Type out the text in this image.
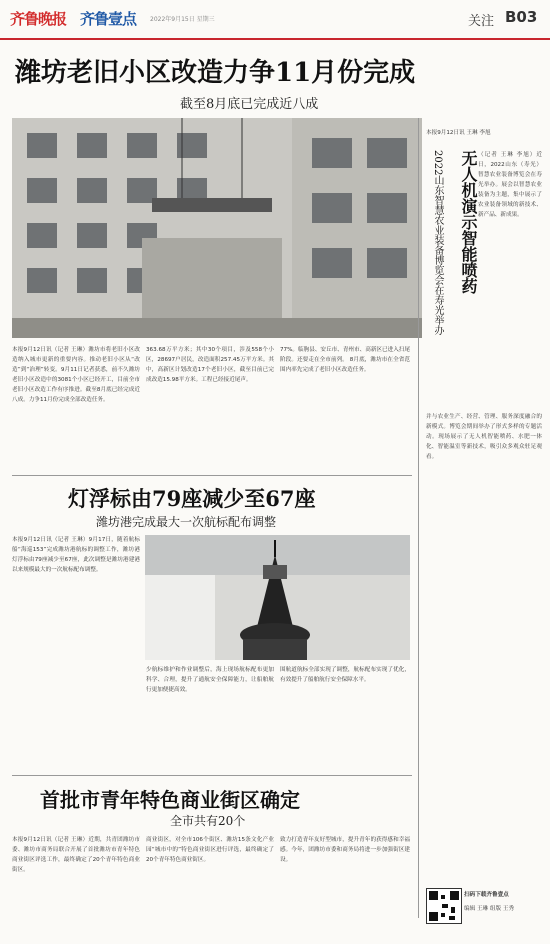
齐鲁晚报 齐鲁壹点 2022年9月15日 星期三	关注 B03
潍坊老旧小区改造力争11月份完成
截至8月底已完成近八成
本报9月12日讯（记者 王琳）潍坊市将老旧小区改造纳入城市更新的重要内容。推动老旧小区从“改造”到“治理”转变。9月11日记者获悉，前不久潍坊老旧小区改造中的3081个小区已经开工，目前全市老旧小区改造工作有序推进。截至8月底已经完成近八成。力争11月份完成全部改造任务。
363.68万平方米；其中30个项目，涉及558个小区，28697户居民，改造面积257.45万平方米。其中，高新区计划改造17个老旧小区，截至目前已完成改造15.98平方米。工程已经接近尾声。
77%。临朐县、安丘市、青州市、高新区已进入扫尾阶段。还要走在全市前列。 8月底，潍坊市在全省范围内率先完成了老旧小区改造任务。
本报9月12日讯 王琳 李旭
无人机演示智能喷药
2022山东智慧农业装备博览会在寿光举办	（记者 王琳 李旭）近日，2022山东（寿光）智慧农业装备博览会在寿光举办。展会以智慧农业装备为主题，集中展示了农业装备领域的新技术、新产品、新成果。
并与农业生产、经营、管理、服务深度融合的新模式。博览会期间举办了形式多样的专题活动。现场展示了无人机智能喷药、水肥一体化、智能温室等新技术，吸引众多观众驻足观看。
灯浮标由79座减少至67座
潍坊港完成最大一次航标配布调整
本报9月12日讯（记者 王琳）9月17日，随着航标船“海巡153”完成潍坊港航标的调整工作，潍坊港灯浮标由79座减少至67座，此次调整是潍坊港建港以来规模最大的一次航标配布调整。
少航标维护和作业调整后，海上现场航标配布更加科学、合理，提升了通航安全保障能力，让船舶航行更加便捷高效。
围航道航标全部实现了调整，航标配布实现了优化，有效提升了船舶航行安全保障水平。
首批市青年特色商业街区确定
全市共有20个
本报9月12日讯（记者 王琳）近期，共青团潍坊市委、潍坊市商务局联合开展了首批潍坊市青年特色商业街区评选工作，最终确定了20个青年特色商业街区。
商业街区，对全市106个街区、潍坊15条文化产业园“城市中的”特色商业街区进行评选，最终确定了20个青年特色商业街区。
致力打造青年友好型城市，提升青年的获得感和幸福感。今年，团潍坊市委和商务局将进一步加强街区建设。
扫码下载齐鲁壹点
编辑 王琳 组版 王秀
